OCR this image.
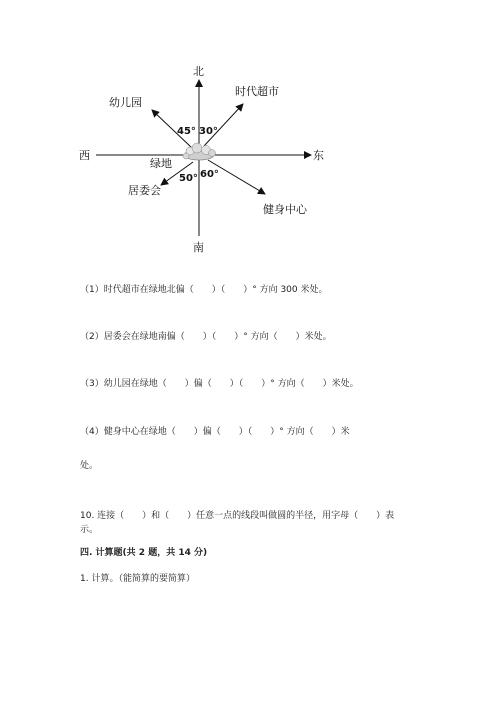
北
南
西	东
绿地
时代超市
幼儿园
居委会
健身中心
45° 30°
50° 60°
（1）时代超市在绿地北偏（　　）（　　）° 方向 300 米处。
（2）居委会在绿地南偏（　　）（　　）° 方向（　　）米处。
（3）幼儿园在绿地（　　）偏（　　）（　　）° 方向（　　）米处。
（4）健身中心在绿地（　　）偏（　　）（　　）° 方向（　　）米
处。
10. 连接（　　）和（　　）任意一点的线段叫做圆的半径，用字母（　　）表
示。
四. 计算题(共 2 题，共 14 分)
1. 计算。（能简算的要简算）
